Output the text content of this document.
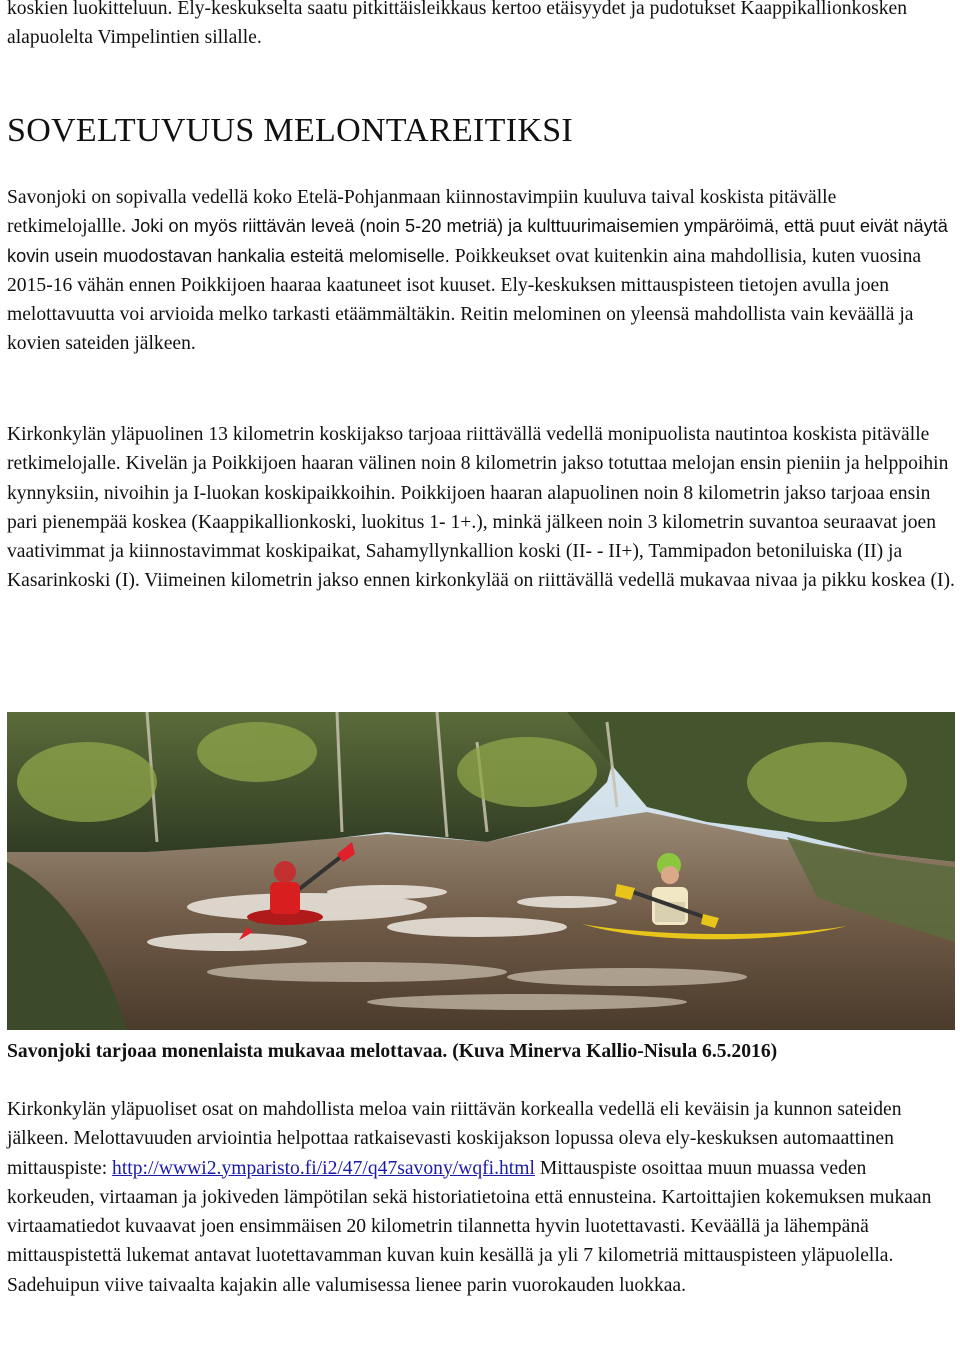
koskien luokitteluun. Ely-keskukselta saatu pitkittäisleikkaus kertoo etäisyydet ja pudotukset Kaappikallionkosken alapuolelta Vimpelintien sillalle.

SOVELTUVUUS MELONTAREITIKSI

Savonjoki on sopivalla vedellä koko Etelä-Pohjanmaan kiinnostavimpiin kuuluva taival koskista pitävälle retkimelojallle. Joki on myös riittävän leveä (noin 5-20 metriä) ja kulttuurimaisemien ympäröimä, että puut eivät näytä kovin usein muodostavan hankalia esteitä melomiselle. Poikkeukset ovat kuitenkin aina mahdollisia, kuten vuosina 2015-16 vähän ennen Poikkijoen haaraa kaatuneet isot kuuset. Ely-keskuksen mittauspisteen tietojen avulla joen melottavuutta voi arvioida melko tarkasti etäämmältäkin. Reitin melominen on yleensä mahdollista vain keväällä ja kovien sateiden jälkeen.

Kirkonkylän yläpuolinen 13 kilometrin koskijakso tarjoaa riittävällä vedellä monipuolista nautintoa koskista pitävälle retkimelojalle. Kivelän ja Poikkijoen haaran välinen noin 8 kilometrin jakso totuttaa melojan ensin pieniin ja helppoihin kynnyksiin, nivoihin ja I-luokan koskipaikkoihin. Poikkijoen haaran alapuolinen noin 8 kilometrin jakso tarjoaa ensin pari pienempää koskea (Kaappikallionkoski, luokitus 1- 1+.), minkä jälkeen noin 3 kilometrin suvantoa seuraavat joen vaativimmat ja kiinnostavimmat koskipaikat, Sahamyllynkallion koski (II- - II+), Tammipadon betoniluiska (II) ja Kasarinkoski (I). Viimeinen kilometrin jakso ennen kirkonkylää on riittävällä vedellä mukavaa nivaa ja pikku koskea (I).

Savonjoki tarjoaa monenlaista mukavaa melottavaa. (Kuva Minerva Kallio-Nisula 6.5.2016)

Kirkonkylän yläpuoliset osat on mahdollista meloa vain riittävän korkealla vedellä eli keväisin ja kunnon sateiden jälkeen. Melottavuuden arviointia helpottaa ratkaisevasti koskijakson lopussa oleva ely-keskuksen automaattinen mittauspiste: http://wwwi2.ymparisto.fi/i2/47/q47savony/wqfi.html Mittauspiste osoittaa muun muassa veden korkeuden, virtaaman ja jokiveden lämpötilan sekä historiatietoina että ennusteina. Kartoittajien kokemuksen mukaan virtaamatiedot kuvaavat joen ensimmäisen 20 kilometrin tilannetta hyvin luotettavasti. Keväällä ja lähempänä mittauspistettä lukemat antavat luotettavamman kuvan kuin kesällä ja yli 7 kilometriä mittauspisteen yläpuolella. Sadehuipun viive taivaalta kajakin alle valumisessa lienee parin vuorokauden luokkaa.
